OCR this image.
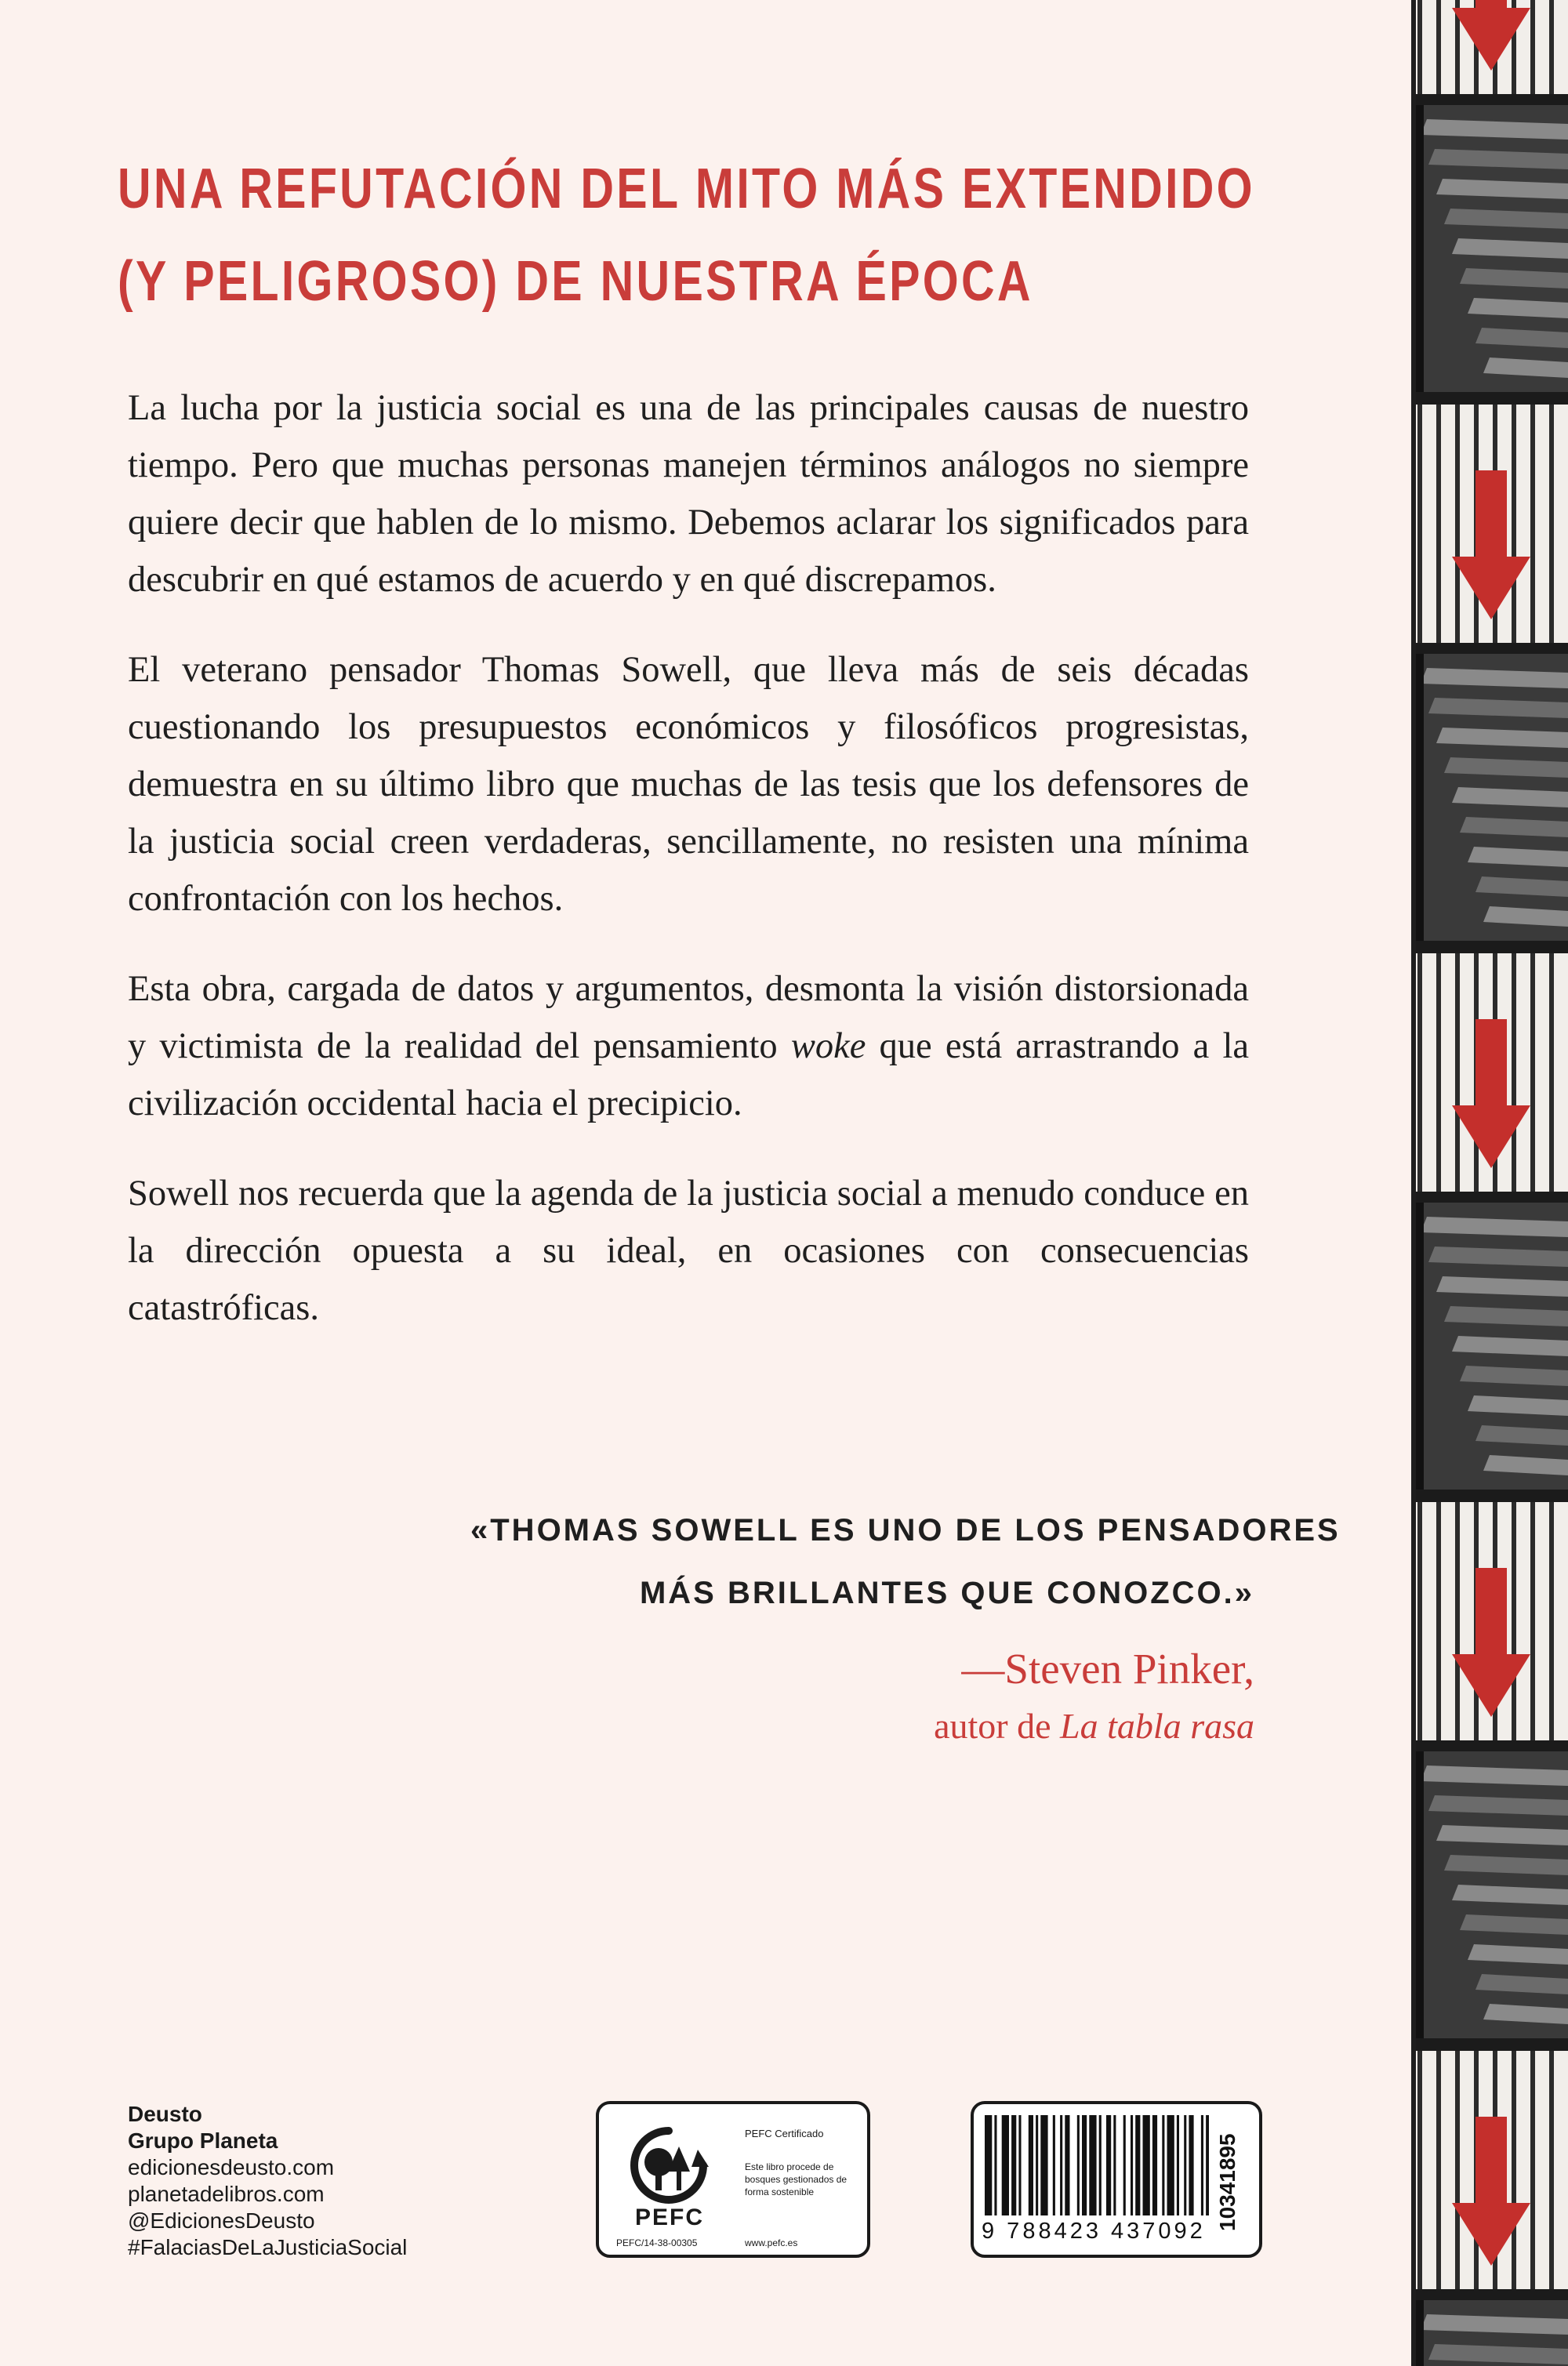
UNA REFUTACIÓN DEL MITO MÁS EXTENDIDO
(Y PELIGROSO) DE NUESTRA ÉPOCA

La lucha por la justicia social es una de las principales causas de nuestro tiempo. Pero que muchas personas manejen términos análogos no siempre quiere decir que hablen de lo mismo. Debemos aclarar los significados para descubrir en qué estamos de acuerdo y en qué discrepamos.

El veterano pensador Thomas Sowell, que lleva más de seis décadas cuestionando los presupuestos económicos y filosóficos progresistas, demuestra en su último libro que muchas de las tesis que los defensores de la justicia social creen verdaderas, sencillamente, no resisten una mínima confrontación con los hechos.

Esta obra, cargada de datos y argumentos, desmonta la visión distorsionada y victimista de la realidad del pensamiento woke que está arrastrando a la civilización occidental hacia el precipicio.

Sowell nos recuerda que la agenda de la justicia social a menudo conduce en la dirección opuesta a su ideal, en ocasiones con consecuencias catastróficas.

«THOMAS SOWELL ES UNO DE LOS PENSADORES
MÁS BRILLANTES QUE CONOZCO.»
—Steven Pinker,
autor de La tabla rasa
Deusto
Grupo Planeta
edicionesdeusto.com
planetadelibros.com
@EdicionesDeusto
#FalaciasDeLaJusticiaSocial
PEFC
PEFC/14-38-00305
PEFC Certificado
Este libro procede de bosques gestionados de forma sostenible
www.pefc.es	9 788423 437092 10341895
